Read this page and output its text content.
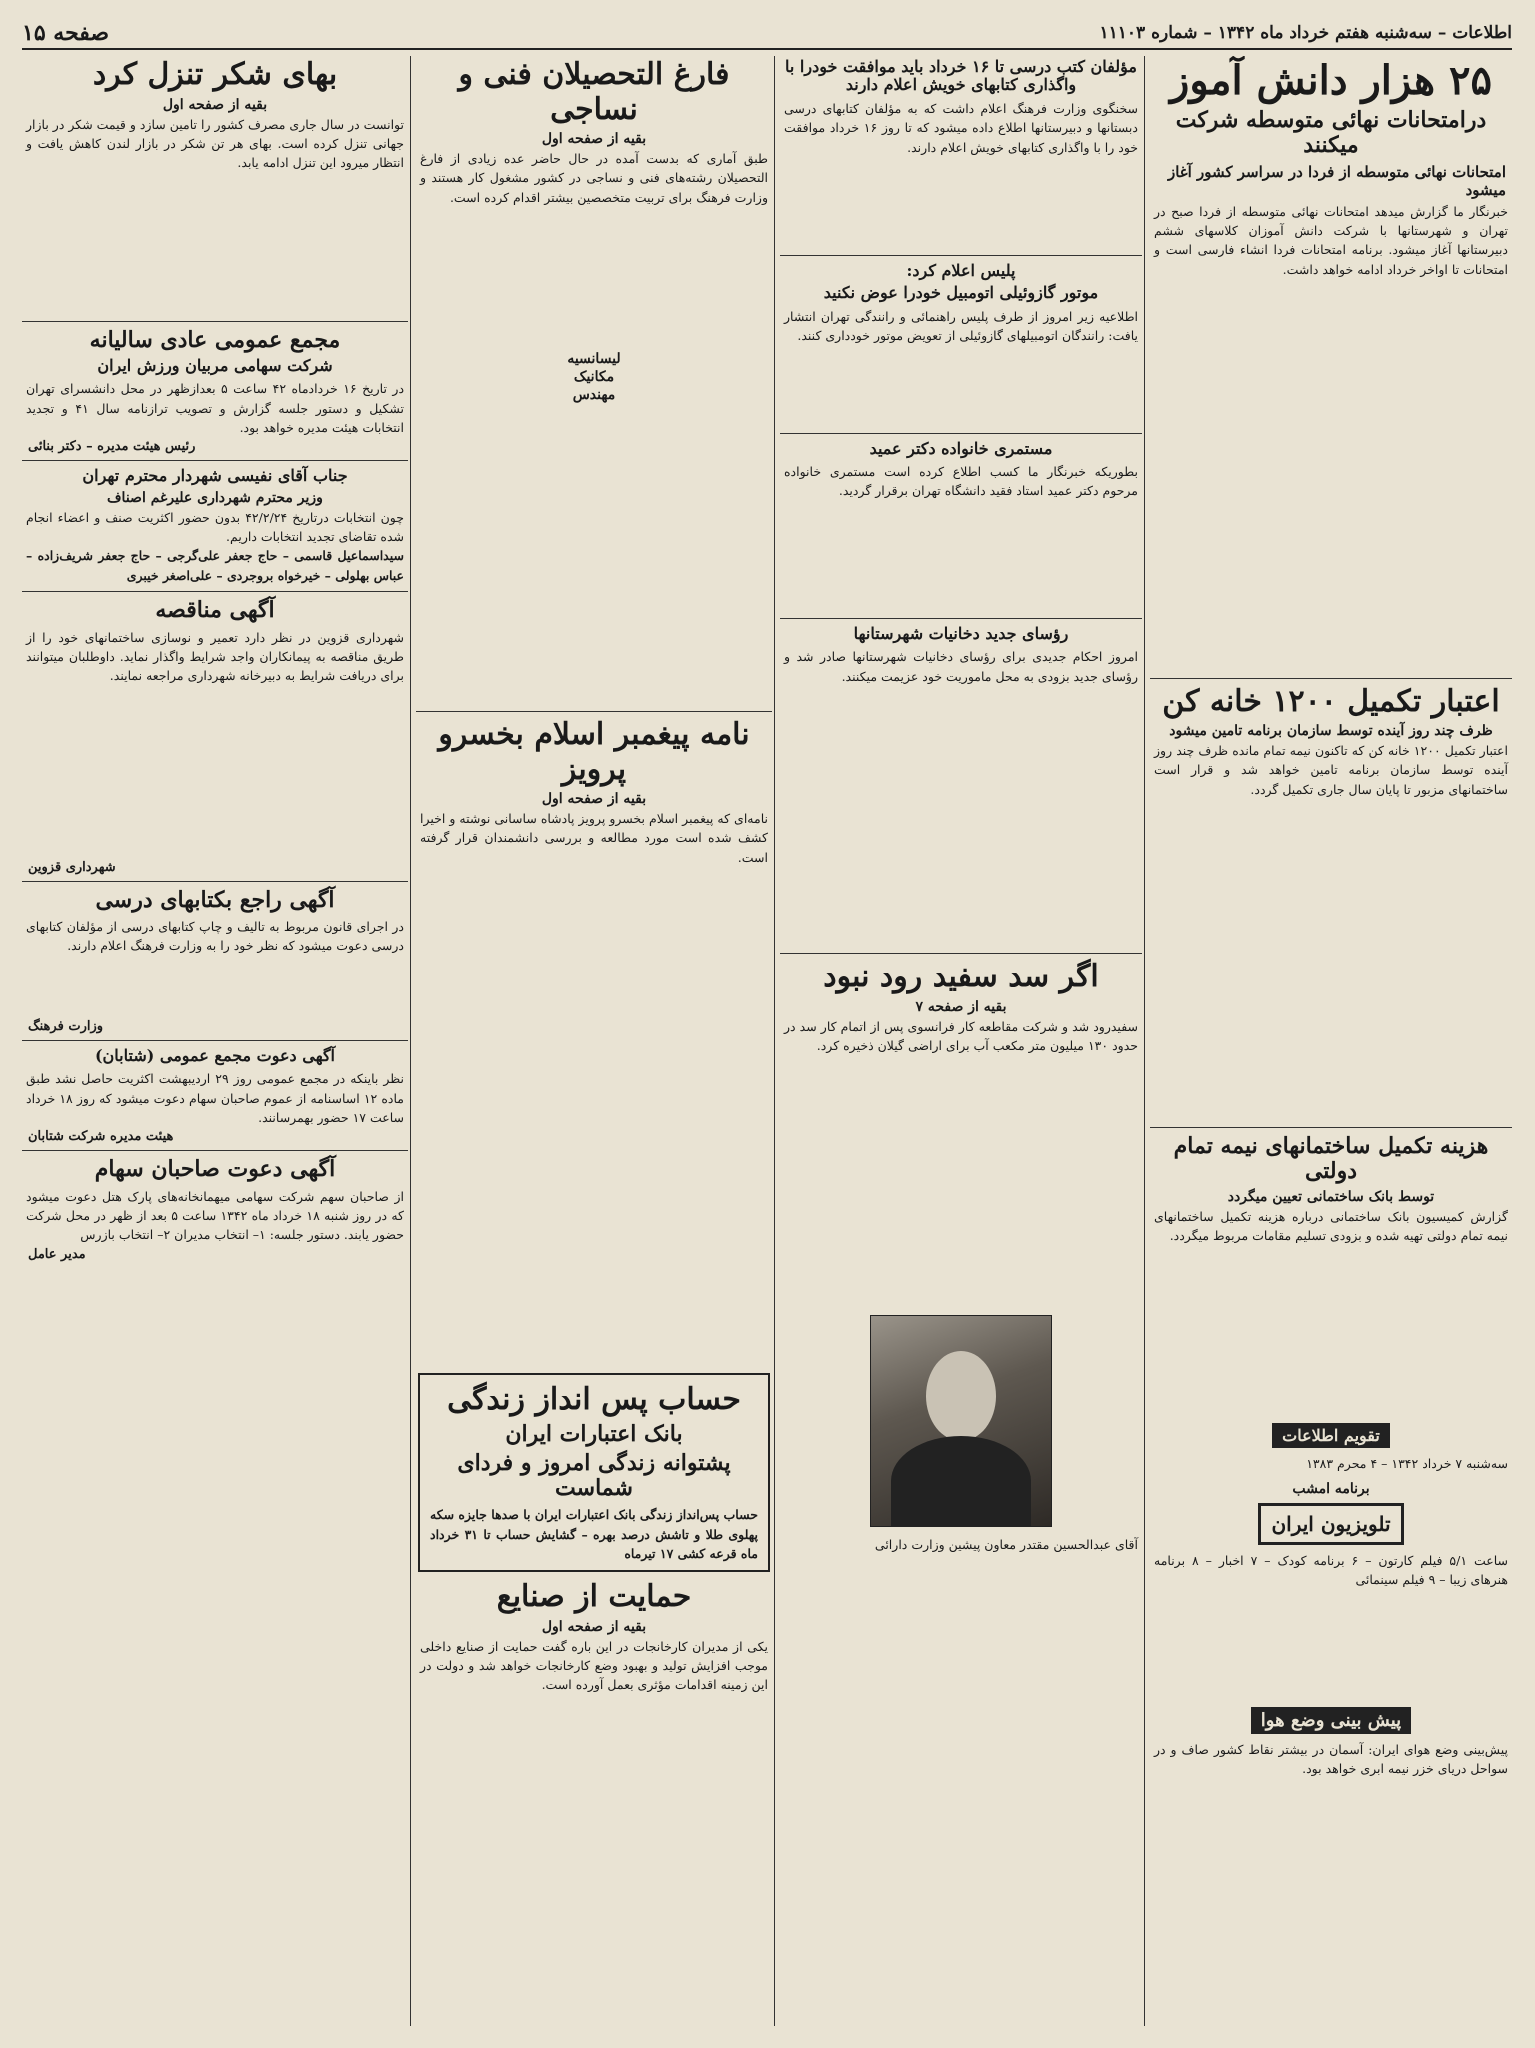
اطلاعات – سه‌شنبه هفتم خرداد ماه ۱۳۴۲ – شماره ۱۱۱۰۳
صفحه ۱۵
۲۵ هزار دانش آموز
درامتحانات نهائی متوسطه شرکت میکنند
امتحانات نهائی متوسطه از فردا در سراسر کشور آغاز میشود

خبرنگار ما گزارش میدهد امتحانات نهائی متوسطه از فردا صبح در تهران و شهرستانها با شرکت دانش آموزان کلاسهای ششم دبیرستانها آغاز میشود. برنامه امتحانات فردا انشاء فارسی است و امتحانات تا اواخر خرداد ادامه خواهد داشت.

اعتبار تکمیل ۱۲۰۰ خانه کن
ظرف چند روز آینده توسط سازمان برنامه تامین میشود

اعتبار تکمیل ۱۲۰۰ خانه کن که تاکنون نیمه تمام مانده ظرف چند روز آینده توسط سازمان برنامه تامین خواهد شد و قرار است ساختمانهای مزبور تا پایان سال جاری تکمیل گردد.

هزینه تکمیل ساختمانهای نیمه تمام دولتی
توسط بانک ساختمانی تعیین میگردد

گزارش کمیسیون بانک ساختمانی درباره هزینه تکمیل ساختمانهای نیمه تمام دولتی تهیه شده و بزودی تسلیم مقامات مربوط میگردد.

تقویم اطلاعات

سه‌شنبه ۷ خرداد ۱۳۴۲ – ۴ محرم ۱۳۸۳

برنامه امشب
تلویزیون ایران

ساعت ۵/۱ فیلم کارتون – ۶ برنامه کودک – ۷ اخبار – ۸ برنامه هنرهای زیبا – ۹ فیلم سینمائی

پیش بینی وضع هوا

پیش‌بینی وضع هوای ایران: آسمان در بیشتر نقاط کشور صاف و در سواحل دریای خزر نیمه ابری خواهد بود.

مؤلفان کتب درسی تا ۱۶ خرداد باید موافقت خودرا با واگذاری کتابهای خویش اعلام دارند

سخنگوی وزارت فرهنگ اعلام داشت که به مؤلفان کتابهای درسی دبستانها و دبیرستانها اطلاع داده میشود که تا روز ۱۶ خرداد موافقت خود را با واگذاری کتابهای خویش اعلام دارند.

پلیس اعلام کرد:
موتور گازوئیلی اتومبیل خودرا عوض نکنید

اطلاعیه زیر امروز از طرف پلیس راهنمائی و رانندگی تهران انتشار یافت: رانندگان اتومبیلهای گازوئیلی از تعویض موتور خودداری کنند.

مستمری خانواده دکتر عمید

بطوریکه خبرنگار ما کسب اطلاع کرده است مستمری خانواده مرحوم دکتر عمید استاد فقید دانشگاه تهران برقرار گردید.

رؤسای جدید دخانیات شهرستانها

امروز احکام جدیدی برای رؤسای دخانیات شهرستانها صادر شد و رؤسای جدید بزودی به محل ماموریت خود عزیمت میکنند.

اگر سد سفید رود نبود
بقیه از صفحه ۷

سفیدرود شد و شرکت مقاطعه کار فرانسوی پس از اتمام کار سد در حدود ۱۳۰ میلیون متر مکعب آب برای اراضی گیلان ذخیره کرد.

آقای عبدالحسین مقتدر معاون پیشین وزارت دارائی

فارغ التحصیلان فنی و نساجی
بقیه از صفحه اول

طبق آماری که بدست آمده در حال حاضر عده زیادی از فارغ التحصیلان رشته‌های فنی و نساجی در کشور مشغول کار هستند و وزارت فرهنگ برای تربیت متخصصین بیشتر اقدام کرده است.

لیسانسیه
مکانیک
مهندس
نامه پیغمبر اسلام بخسرو پرویز
بقیه از صفحه اول

نامه‌ای که پیغمبر اسلام بخسرو پرویز پادشاه ساسانی نوشته و اخیرا کشف شده است مورد مطالعه و بررسی دانشمندان قرار گرفته است.

حساب پس انداز زندگی
بانک اعتبارات ایران
پشتوانه زندگی امروز و فردای شماست

حساب پس‌انداز زندگی بانک اعتبارات ایران با صدها جایزه سکه پهلوی طلا و تاشش درصد بهره – گشایش حساب تا ۳۱ خرداد ماه قرعه کشی ۱۷ تیرماه

حمایت از صنایع
بقیه از صفحه اول

یکی از مدیران کارخانجات در این باره گفت حمایت از صنایع داخلی موجب افزایش تولید و بهبود وضع کارخانجات خواهد شد و دولت در این زمینه اقدامات مؤثری بعمل آورده است.

بهای شکر تنزل کرد
بقیه از صفحه اول

توانست در سال جاری مصرف کشور را تامین سازد و قیمت شکر در بازار جهانی تنزل کرده است. بهای هر تن شکر در بازار لندن کاهش یافت و انتظار میرود این تنزل ادامه یابد.

مجمع عمومی عادی سالیانه
شرکت سهامی مربیان ورزش ایران

در تاریخ ۱۶ خردادماه ۴۲ ساعت ۵ بعدازظهر در محل دانشسرای تهران تشکیل و دستور جلسه گزارش و تصویب ترازنامه سال ۴۱ و تجدید انتخابات هیئت مدیره خواهد بود.

رئیس هیئت مدیره – دکتر بنائی
جناب آقای نفیسی شهردار محترم تهران
وزیر محترم شهرداری علیرغم اصناف

چون انتخابات درتاریخ ۴۲/۲/۲۴ بدون حضور اکثریت صنف و اعضاء انجام شده تقاضای تجدید انتخابات داریم.

سیداسماعیل قاسمی – حاج جعفر علی‌گرجی – حاج جعفر شریف‌زاده – عباس بهلولی – خیرخواه بروجردی – علی‌اصغر خیبری

آگهی مناقصه

شهرداری قزوین در نظر دارد تعمیر و نوسازی ساختمانهای خود را از طریق مناقصه به پیمانکاران واجد شرایط واگذار نماید. داوطلبان میتوانند برای دریافت شرایط به دبیرخانه شهرداری مراجعه نمایند.

شهرداری قزوین
آگهی راجع بکتابهای درسی

در اجرای قانون مربوط به تالیف و چاپ کتابهای درسی از مؤلفان کتابهای درسی دعوت میشود که نظر خود را به وزارت فرهنگ اعلام دارند.

وزارت فرهنگ
آگهی دعوت مجمع عمومی (شتابان)

نظر باینکه در مجمع عمومی روز ۲۹ اردیبهشت اکثریت حاصل نشد طبق ماده ۱۲ اساسنامه از عموم صاحبان سهام دعوت میشود که روز ۱۸ خرداد ساعت ۱۷ حضور بهمرسانند.

هیئت مدیره شرکت شتابان
آگهی دعوت صاحبان سهام

از صاحبان سهم شرکت سهامی میهمانخانه‌های پارک هتل دعوت میشود که در روز شنبه ۱۸ خرداد ماه ۱۳۴۲ ساعت ۵ بعد از ظهر در محل شرکت حضور یابند. دستور جلسه: ۱– انتخاب مدیران ۲– انتخاب بازرس

مدیر عامل
